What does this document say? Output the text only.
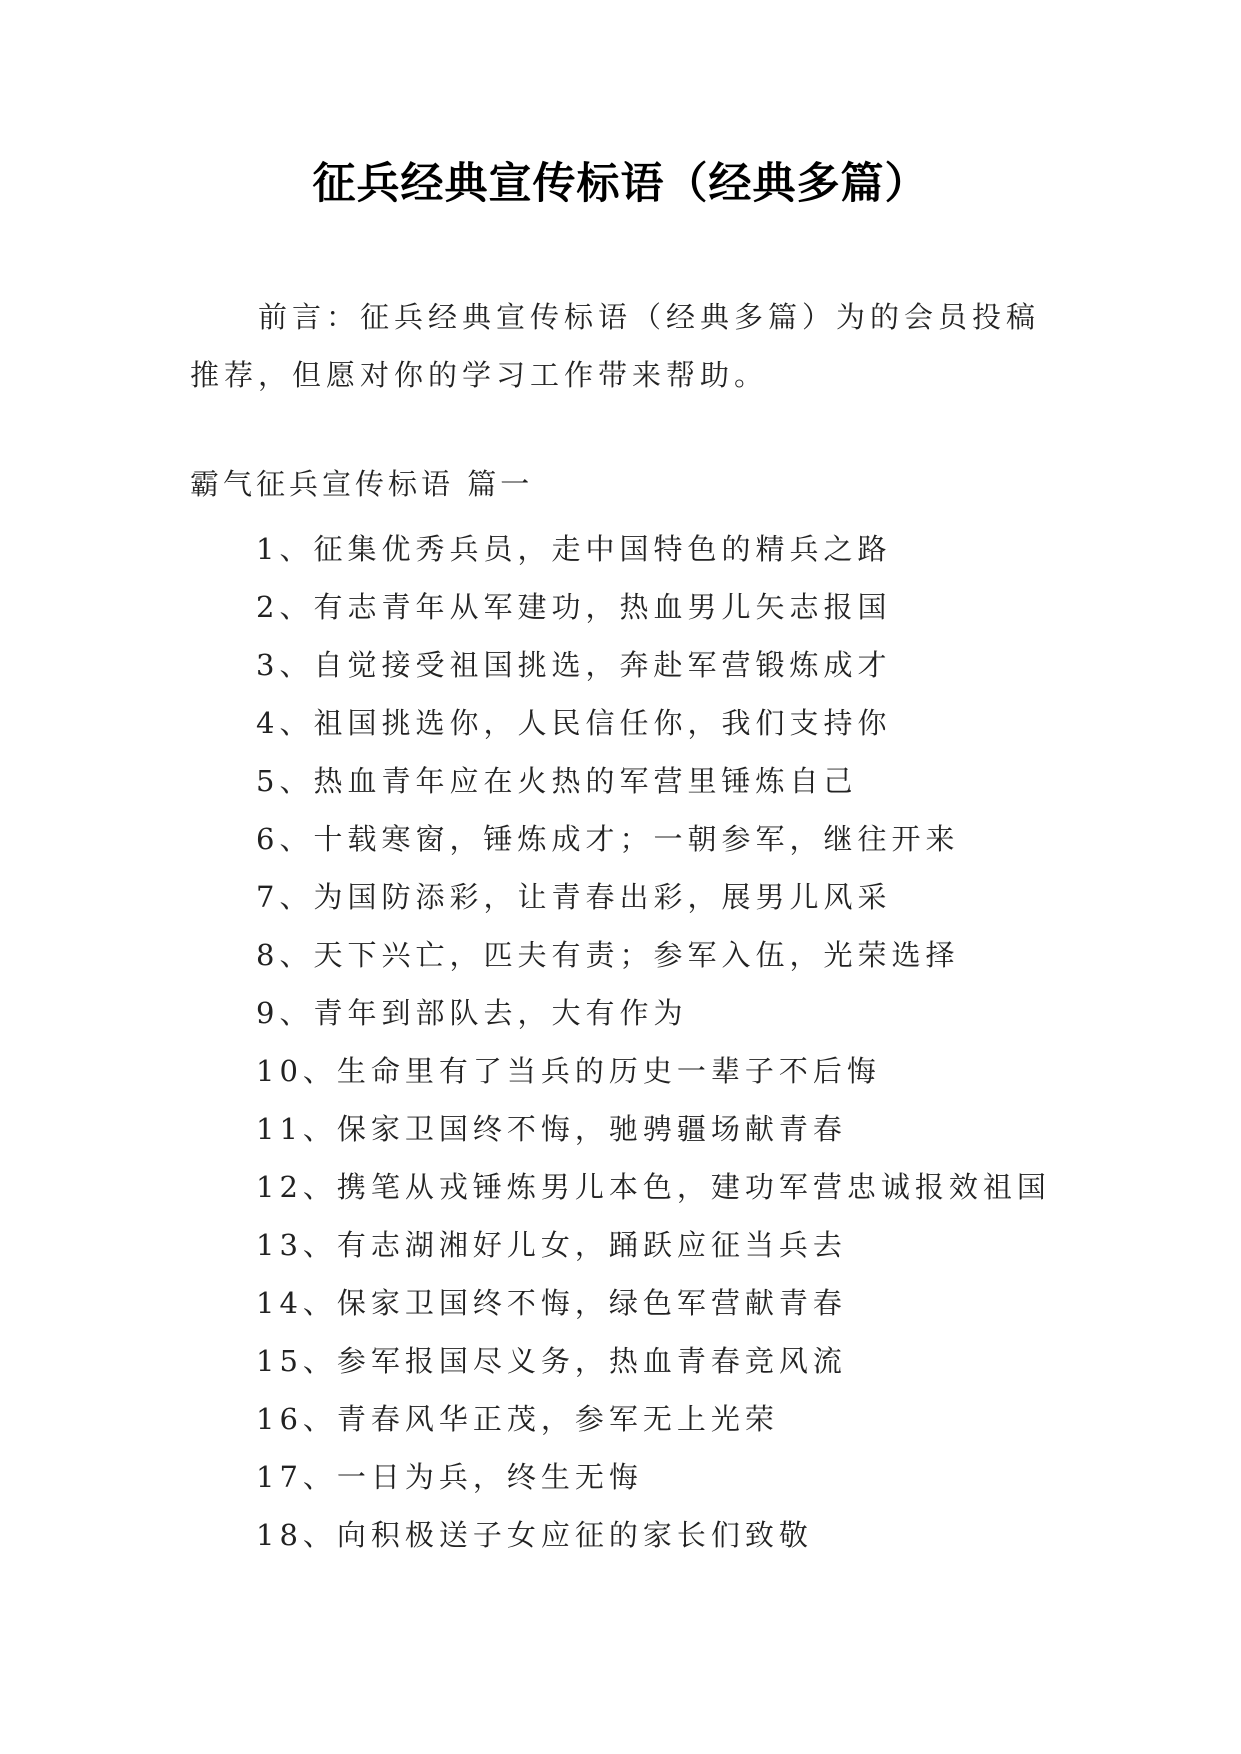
征兵经典宣传标语（经典多篇）
前言：征兵经典宣传标语（经典多篇）为的会员投稿推荐，但愿对你的学习工作带来帮助。
霸气征兵宣传标语 篇一
1、征集优秀兵员，走中国特色的精兵之路
2、有志青年从军建功，热血男儿矢志报国
3、自觉接受祖国挑选，奔赴军营锻炼成才
4、祖国挑选你，人民信任你，我们支持你
5、热血青年应在火热的军营里锤炼自己
6、十载寒窗，锤炼成才；一朝参军，继往开来
7、为国防添彩，让青春出彩，展男儿风采
8、天下兴亡，匹夫有责；参军入伍，光荣选择
9、青年到部队去，大有作为
10、生命里有了当兵的历史一辈子不后悔
11、保家卫国终不悔，驰骋疆场献青春
12、携笔从戎锤炼男儿本色，建功军营忠诚报效祖国
13、有志湖湘好儿女，踊跃应征当兵去
14、保家卫国终不悔，绿色军营献青春
15、参军报国尽义务，热血青春竞风流
16、青春风华正茂，参军无上光荣
17、一日为兵，终生无悔
18、向积极送子女应征的家长们致敬
